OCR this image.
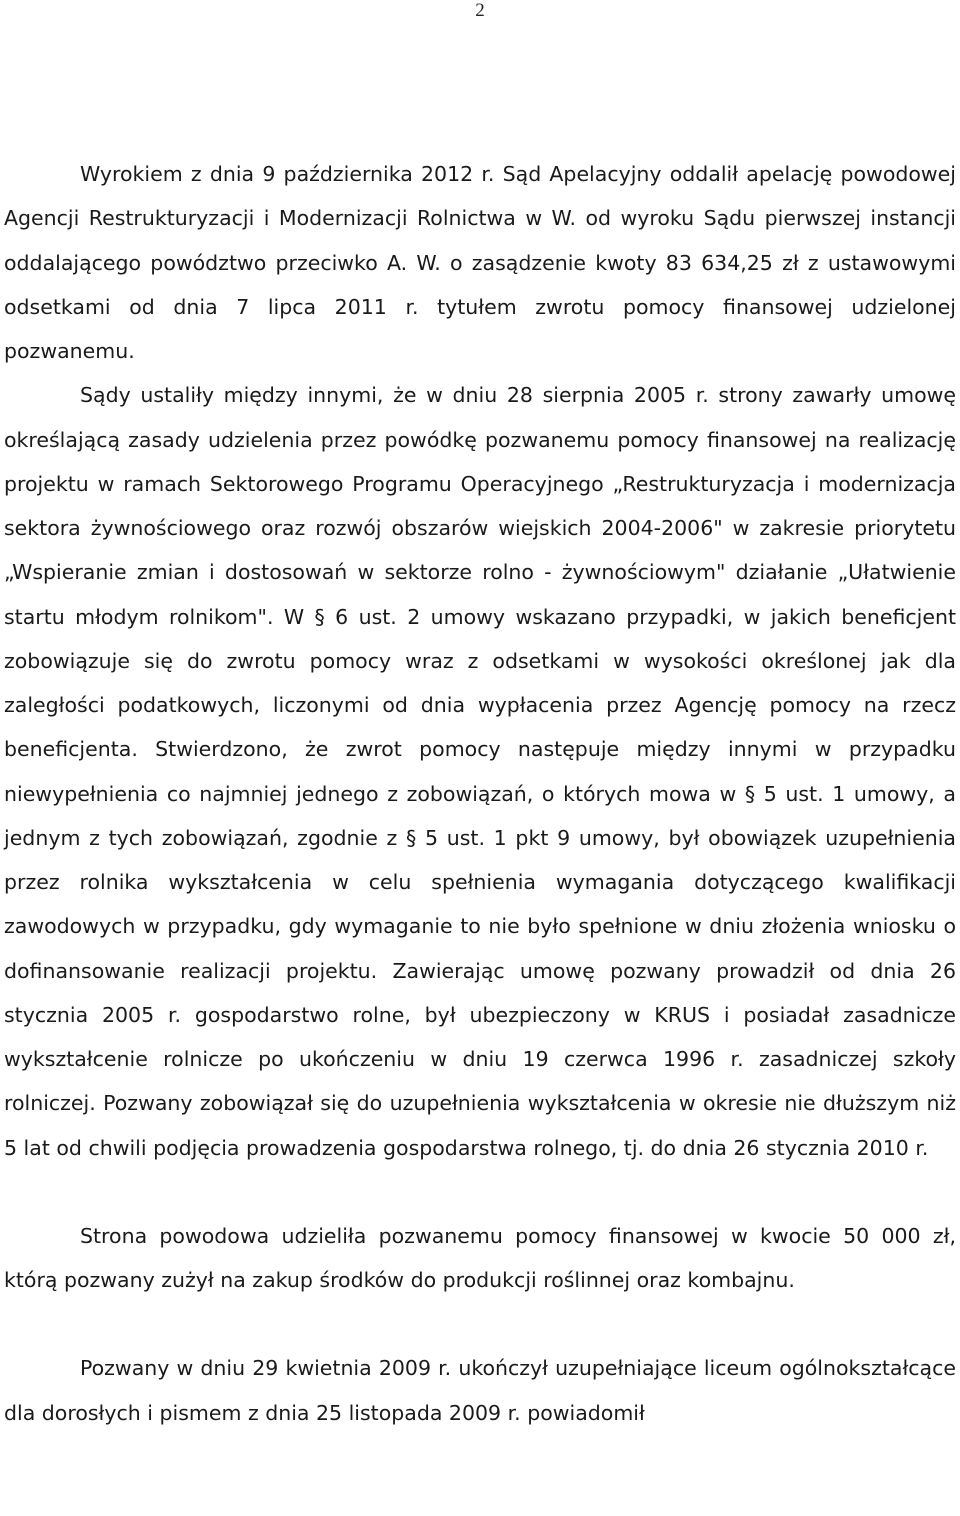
2

Wyrokiem z dnia 9 października 2012 r. Sąd Apelacyjny oddalił apelację powodowej Agencji Restrukturyzacji i Modernizacji Rolnictwa w W. od wyroku Sądu pierwszej instancji oddalającego powództwo przeciwko A. W. o zasądzenie kwoty 83 634,25 zł z ustawowymi odsetkami od dnia 7 lipca 2011 r. tytułem zwrotu pomocy finansowej udzielonej pozwanemu.

Sądy ustaliły między innymi, że w dniu 28 sierpnia 2005 r. strony zawarły umowę określającą zasady udzielenia przez powódkę pozwanemu pomocy finansowej na realizację projektu w ramach Sektorowego Programu Operacyjnego „Restrukturyzacja i modernizacja sektora żywnościowego oraz rozwój obszarów wiejskich 2004-2006" w zakresie priorytetu „Wspieranie zmian i dostosowań w sektorze rolno - żywnościowym" działanie „Ułatwienie startu młodym rolnikom". W § 6 ust. 2 umowy wskazano przypadki, w jakich beneficjent zobowiązuje się do zwrotu pomocy wraz z odsetkami w wysokości określonej jak dla zaległości podatkowych, liczonymi od dnia wypłacenia przez Agencję pomocy na rzecz beneficjenta. Stwierdzono, że zwrot pomocy następuje między innymi w przypadku niewypełnienia co najmniej jednego z zobowiązań, o których mowa w § 5 ust. 1 umowy, a jednym z tych zobowiązań, zgodnie z § 5 ust. 1 pkt 9 umowy, był obowiązek uzupełnienia przez rolnika wykształcenia w celu spełnienia wymagania dotyczącego kwalifikacji zawodowych w przypadku, gdy wymaganie to nie było spełnione w dniu złożenia wniosku o dofinansowanie realizacji projektu. Zawierając umowę pozwany prowadził od dnia 26 stycznia 2005 r. gospodarstwo rolne, był ubezpieczony w KRUS i posiadał zasadnicze wykształcenie rolnicze po ukończeniu w dniu 19 czerwca 1996 r. zasadniczej szkoły rolniczej. Pozwany zobowiązał się do uzupełnienia wykształcenia w okresie nie dłuższym niż 5 lat od chwili podjęcia prowadzenia gospodarstwa rolnego, tj. do dnia 26 stycznia 2010 r.

Strona powodowa udzieliła pozwanemu pomocy finansowej w kwocie 50 000 zł, którą pozwany zużył na zakup środków do produkcji roślinnej oraz kombajnu.

Pozwany w dniu 29 kwietnia 2009 r. ukończył uzupełniające liceum ogólnokształcące dla dorosłych i pismem z dnia 25 listopada 2009 r. powiadomił
